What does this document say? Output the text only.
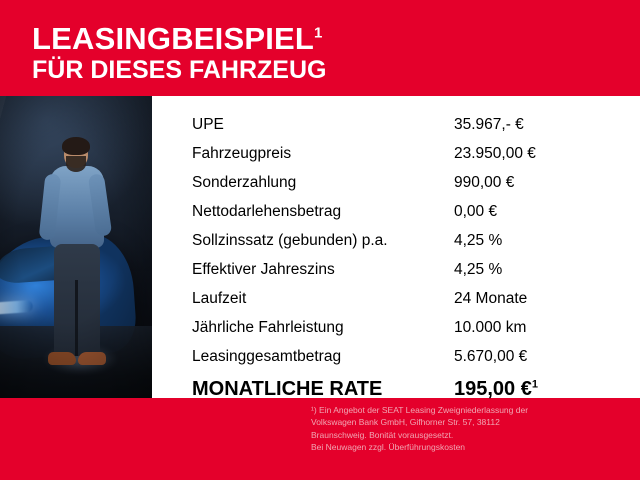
LEASINGBEISPIEL$^1$
FÜR DIESES FAHRZEUG
UPE	35.967,- €
Fahrzeugpreis	23.950,00 €
Sonderzahlung	990,00 €
Nettodarlehensbetrag	0,00 €
Sollzinssatz (gebunden) p.a.	4,25 %
Effektiver Jahreszins	4,25 %
Laufzeit	24 Monate
Jährliche Fahrleistung	10.000 km
Leasinggesamtbetrag	5.670,00 €
MONATLICHE RATE	195,00 €$^1$
¹) Ein Angebot der SEAT Leasing Zweigniederlassung der
Volkswagen Bank GmbH, Gifhorner Str. 57, 38112
Braunschweig. Bonität vorausgesetzt.
Bei Neuwagen zzgl. Überführungskosten
